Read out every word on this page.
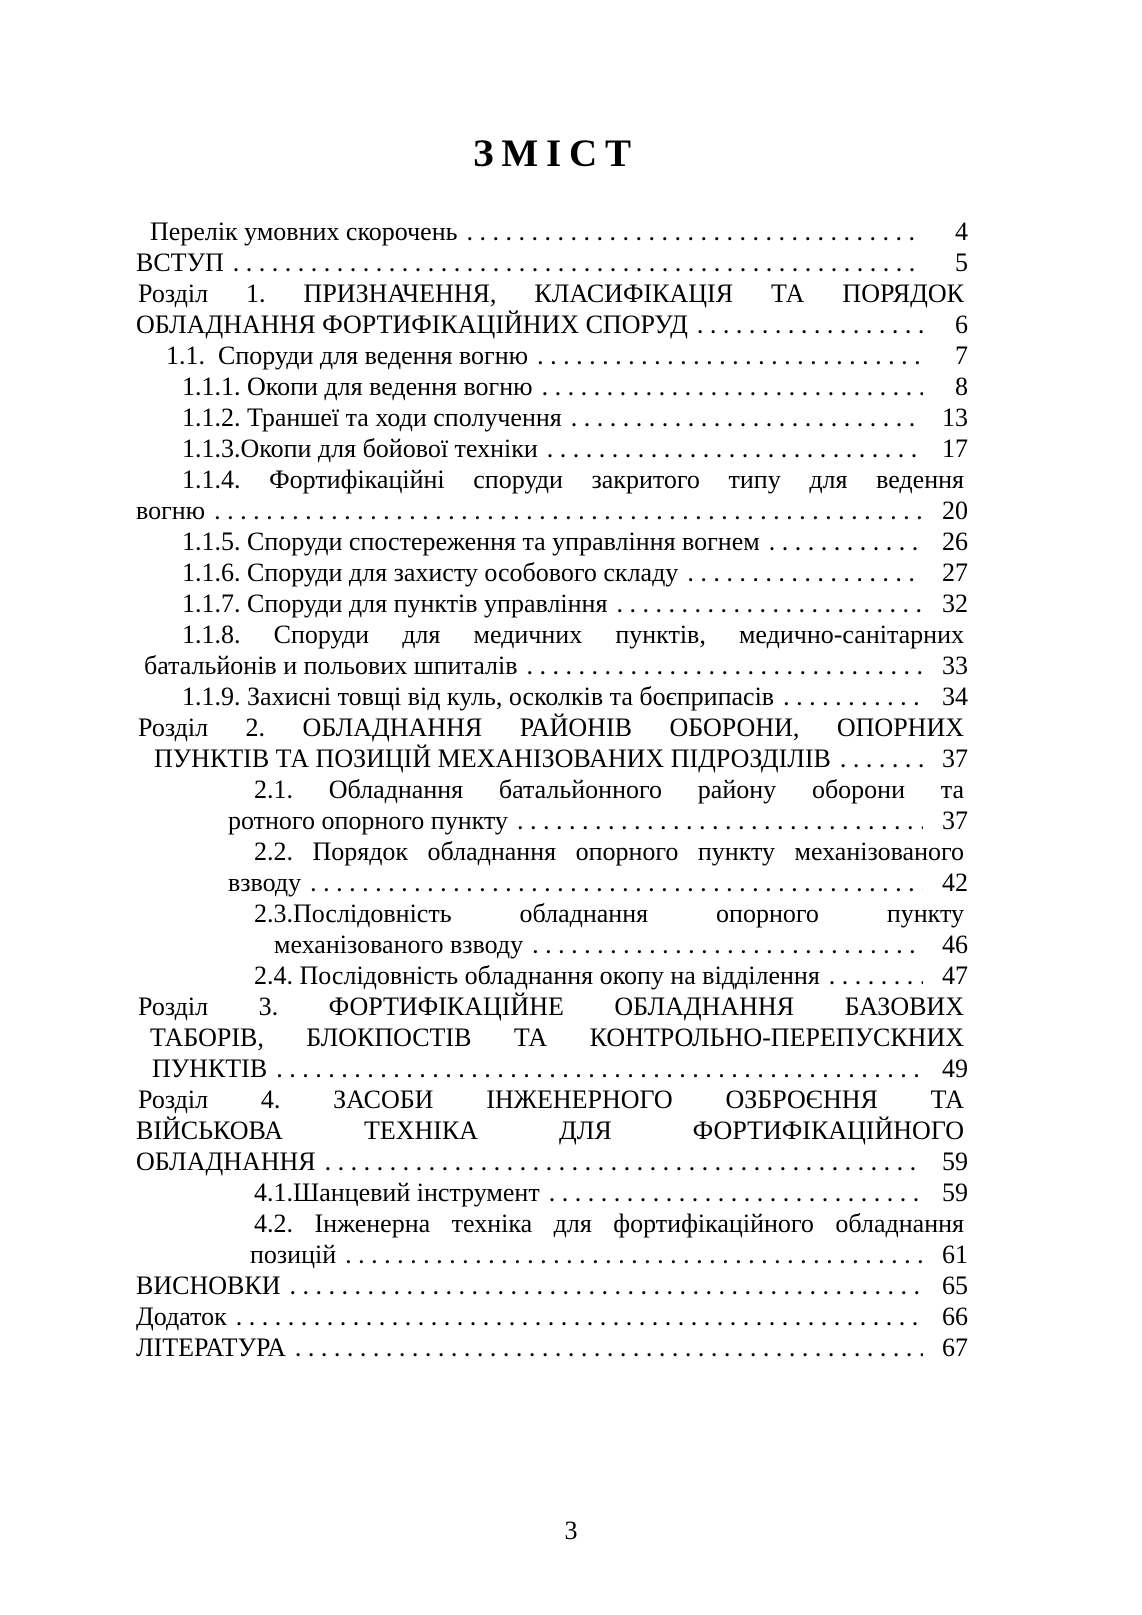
ЗМІСТ
Перелік умовних скорочень . . .	4
ВСТУП . . .	5
Розділ 1. ПРИЗНАЧЕННЯ, КЛАСИФІКАЦІЯ ТА ПОРЯДОК
ОБЛАДНАННЯ ФОРТИФІКАЦІЙНИХ СПОРУД . . .	6
1.1.  Споруди для ведення вогню . . .	7
1.1.1. Окопи для ведення вогню . . .	8
1.1.2. Траншеї та ходи сполучення . . .	13
1.1.3.Окопи для бойової техніки . . .	17
1.1.4. Фортифікаційні споруди закритого типу для ведення
вогню . . .	20
1.1.5. Споруди спостереження та управління вогнем . . .	26
1.1.6. Споруди для захисту особового складу . . .	27
1.1.7. Споруди для пунктів управління . . .	32
1.1.8. Споруди для медичних пунктів, медично-санітарних
батальйонів и польових шпиталів . . .	33
1.1.9. Захисні товщі від куль, осколків та боєприпасів . . .	34
Розділ 2. ОБЛАДНАННЯ РАЙОНІВ ОБОРОНИ, ОПОРНИХ
ПУНКТІВ ТА ПОЗИЦІЙ МЕХАНІЗОВАНИХ ПІДРОЗДІЛІВ . . .	37
2.1. Обладнання батальйонного району оборони та
ротного опорного пункту . . .	37
2.2. Порядок обладнання опорного пункту механізованого
взводу . . .	42
2.3.Послідовність обладнання опорного пункту
механізованого взводу . . .	46
2.4. Послідовність обладнання окопу на відділення . . .	47
Розділ 3. ФОРТИФІКАЦІЙНЕ ОБЛАДНАННЯ БАЗОВИХ
ТАБОРІВ, БЛОКПОСТІВ ТА КОНТРОЛЬНО-ПЕРЕПУСКНИХ
ПУНКТІВ . . .	49
Розділ 4. ЗАСОБИ ІНЖЕНЕРНОГО ОЗБРОЄННЯ ТА
ВІЙСЬКОВА ТЕХНІКА ДЛЯ ФОРТИФІКАЦІЙНОГО
ОБЛАДНАННЯ . . .	59
4.1.Шанцевий інструмент . . .	59
4.2. Інженерна техніка для фортифікаційного обладнання
позицій . . .	61
ВИСНОВКИ . . .	65
Додаток . . .	66
ЛІТЕРАТУРА . . .	67
3
